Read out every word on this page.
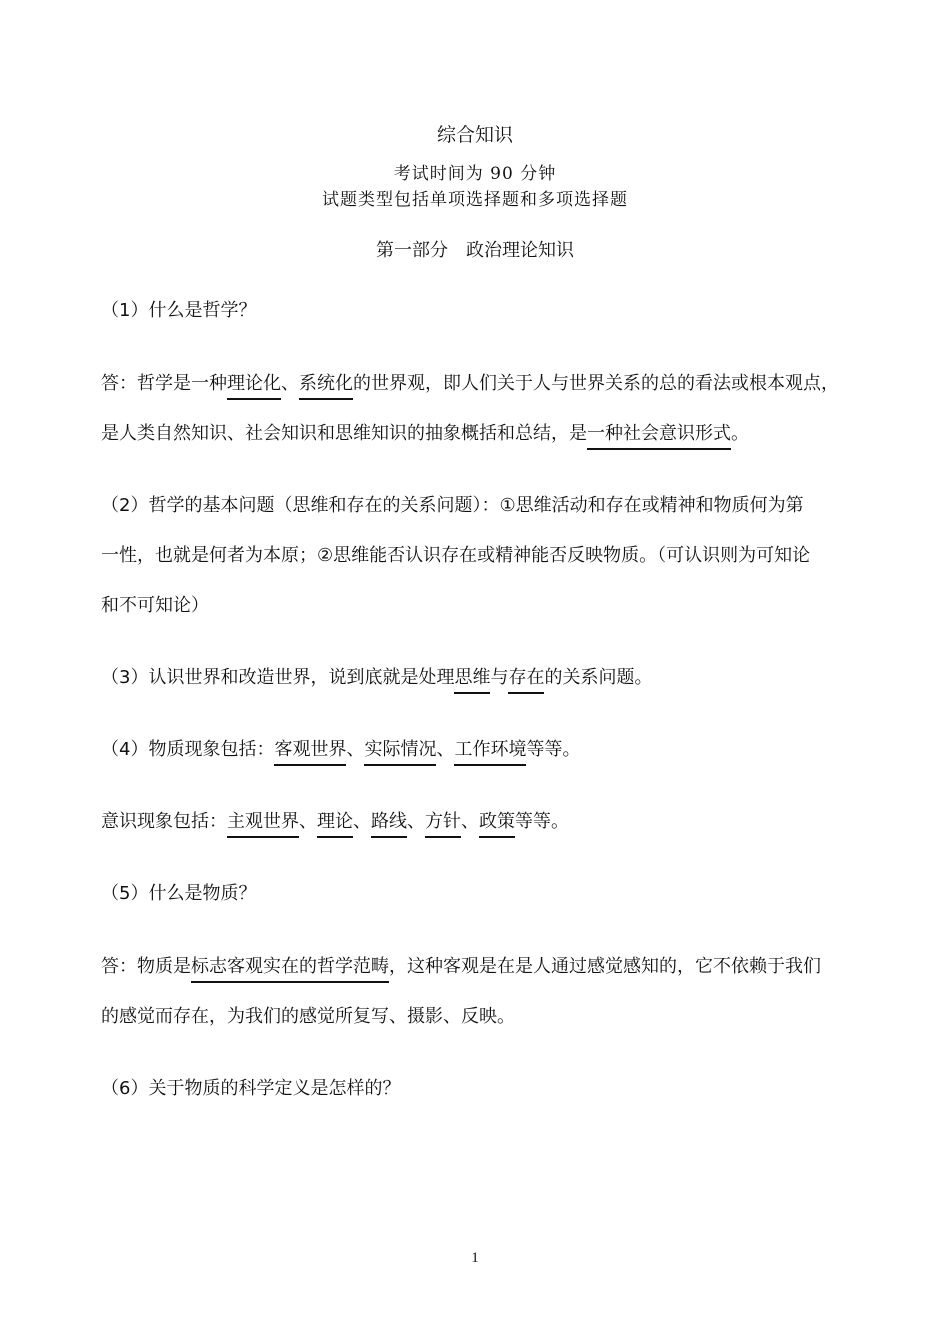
综合知识
考试时间为 90 分钟
试题类型包括单项选择题和多项选择题
第一部分　政治理论知识
（1）什么是哲学？
答：哲学是一种理论化、系统化的世界观，即人们关于人与世界关系的总的看法或根本观点，
是人类自然知识、社会知识和思维知识的抽象概括和总结，是一种社会意识形式。
（2）哲学的基本问题（思维和存在的关系问题）：①思维活动和存在或精神和物质何为第
一性，也就是何者为本原；②思维能否认识存在或精神能否反映物质。（可认识则为可知论
和不可知论）
（3）认识世界和改造世界，说到底就是处理思维与存在的关系问题。
（4）物质现象包括：客观世界、实际情况、工作环境等等。
意识现象包括：主观世界、理论、路线、方针、政策等等。
（5）什么是物质？
答：物质是标志客观实在的哲学范畴，这种客观是在是人通过感觉感知的，它不依赖于我们
的感觉而存在，为我们的感觉所复写、摄影、反映。
（6）关于物质的科学定义是怎样的？
1
